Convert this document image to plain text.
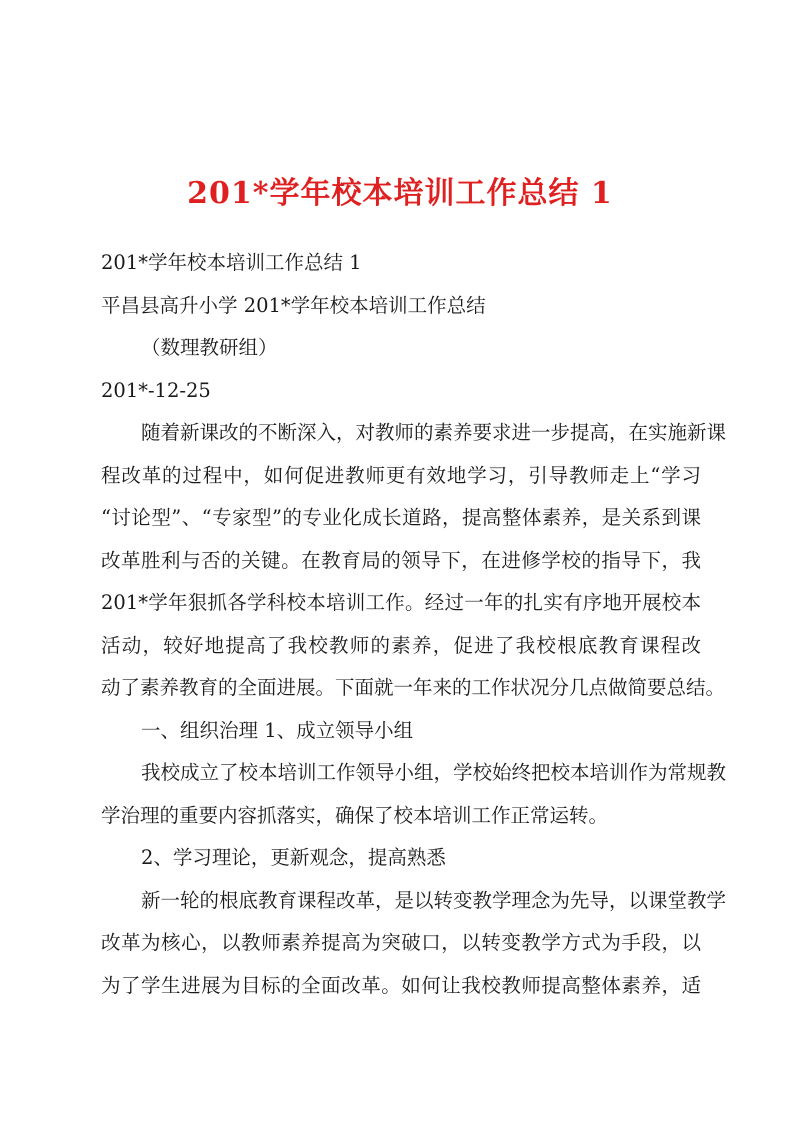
201*学年校本培训工作总结 1
201*学年校本培训工作总结 1
平昌县高升小学 201*学年校本培训工作总结
（数理教研组）
201*-12-25
随着新课改的不断深入，对教师的素养要求进一步提高，在实施新课
程改革的过程中，如何促进教师更有效地学习，引导教师走上“学习
“讨论型”、“专家型”的专业化成长道路，提高整体素养，是关系到课
改革胜利与否的关键。在教育局的领导下，在进修学校的指导下，我
201*学年狠抓各学科校本培训工作。经过一年的扎实有序地开展校本
活动，较好地提高了我校教师的素养，促进了我校根底教育课程改
动了素养教育的全面进展。下面就一年来的工作状况分几点做简要总结。
一、组织治理 1、成立领导小组
我校成立了校本培训工作领导小组，学校始终把校本培训作为常规教
学治理的重要内容抓落实，确保了校本培训工作正常运转。
2、学习理论，更新观念，提高熟悉
新一轮的根底教育课程改革，是以转变教学理念为先导，以课堂教学
改革为核心，以教师素养提高为突破口，以转变教学方式为手段，以
为了学生进展为目标的全面改革。如何让我校教师提高整体素养，适
